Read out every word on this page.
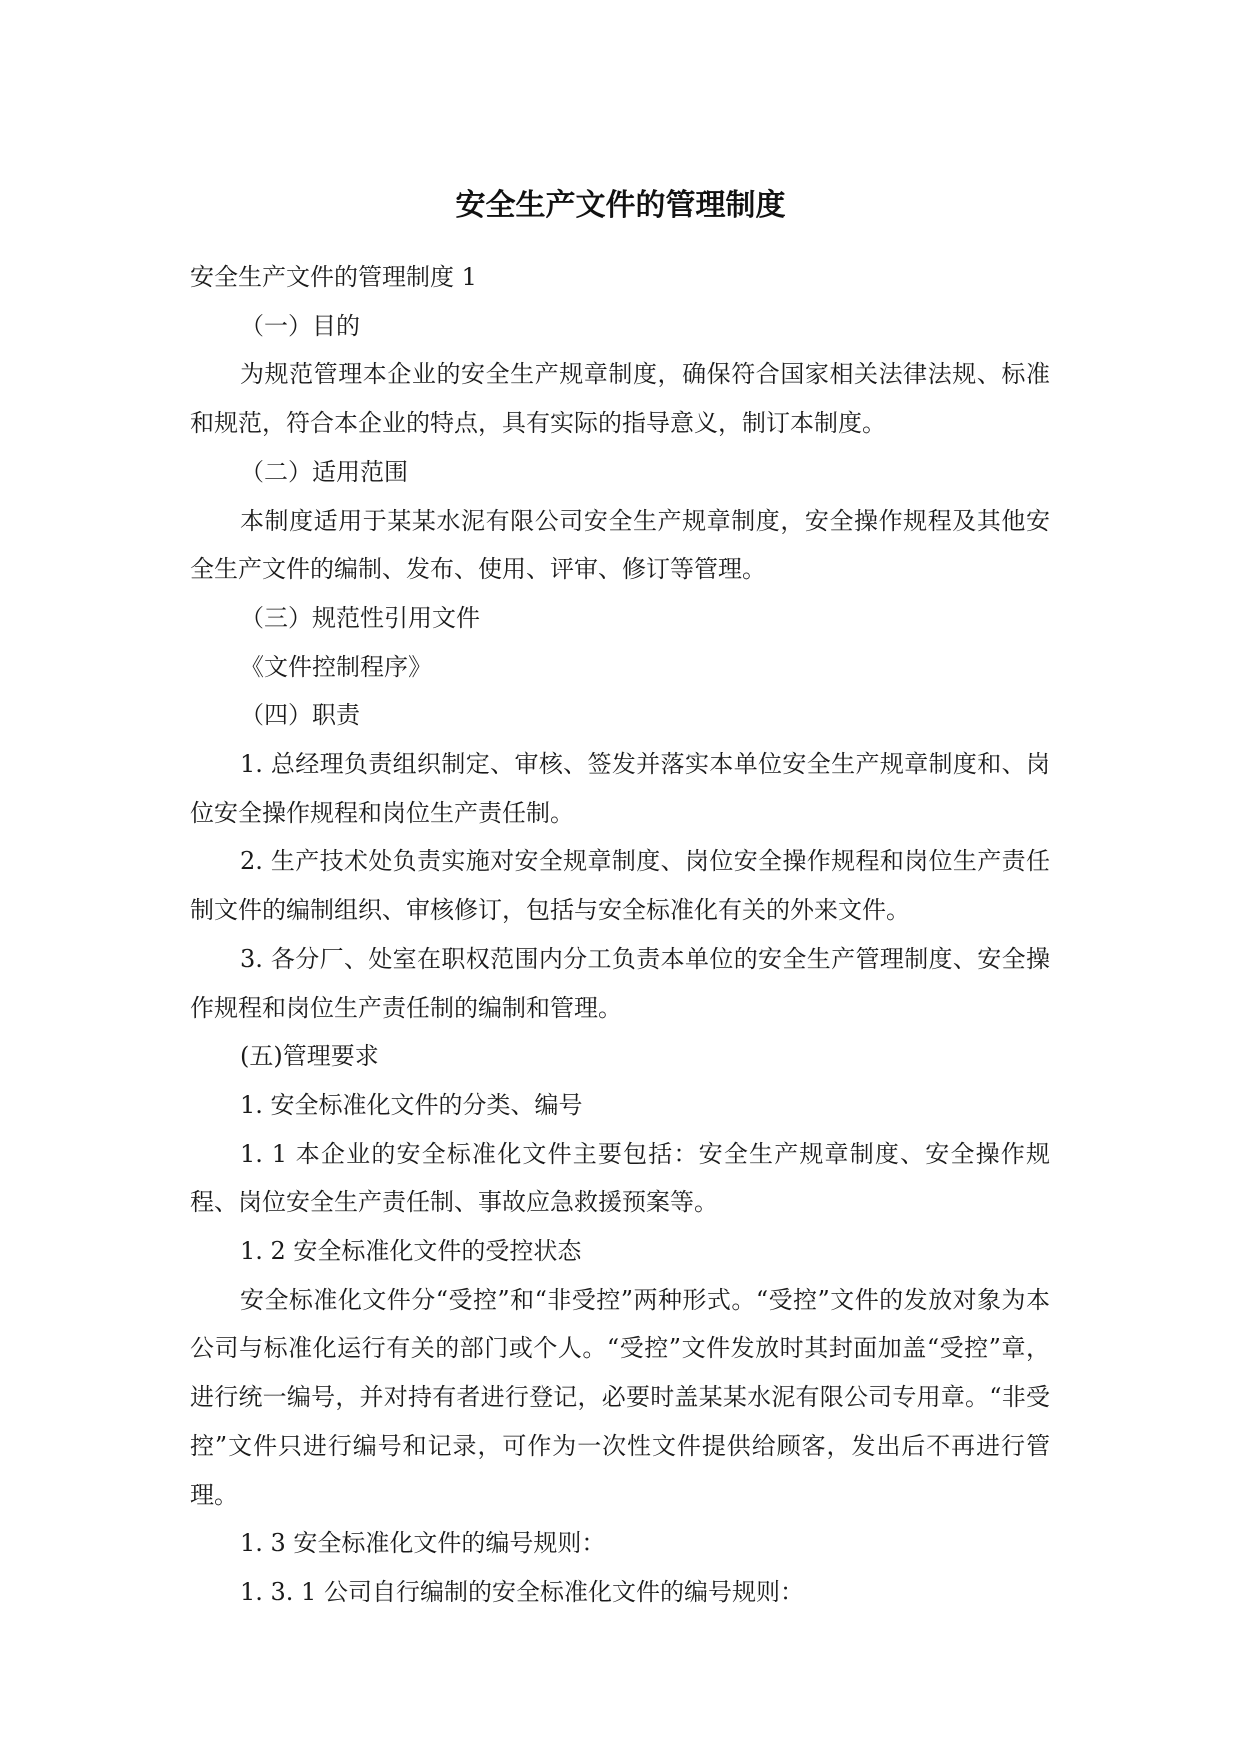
安全生产文件的管理制度

安全生产文件的管理制度 1

（一）目的

为规范管理本企业的安全生产规章制度，确保符合国家相关法律法规、标准和规范，符合本企业的特点，具有实际的指导意义，制订本制度。

（二）适用范围

本制度适用于某某水泥有限公司安全生产规章制度，安全操作规程及其他安全生产文件的编制、发布、使用、评审、修订等管理。

（三）规范性引用文件

《文件控制程序》

（四）职责

1. 总经理负责组织制定、审核、签发并落实本单位安全生产规章制度和、岗位安全操作规程和岗位生产责任制。

2. 生产技术处负责实施对安全规章制度、岗位安全操作规程和岗位生产责任制文件的编制组织、审核修订，包括与安全标准化有关的外来文件。

3. 各分厂、处室在职权范围内分工负责本单位的安全生产管理制度、安全操作规程和岗位生产责任制的编制和管理。

(五)管理要求

1. 安全标准化文件的分类、编号

1. 1 本企业的安全标准化文件主要包括：安全生产规章制度、安全操作规程、岗位安全生产责任制、事故应急救援预案等。

1. 2 安全标准化文件的受控状态

安全标准化文件分“受控”和“非受控”两种形式。“受控”文件的发放对象为本公司与标准化运行有关的部门或个人。“受控”文件发放时其封面加盖“受控”章，进行统一编号，并对持有者进行登记，必要时盖某某水泥有限公司专用章。“非受控”文件只进行编号和记录，可作为一次性文件提供给顾客，发出后不再进行管理。

1. 3 安全标准化文件的编号规则：

1. 3. 1 公司自行编制的安全标准化文件的编号规则：
